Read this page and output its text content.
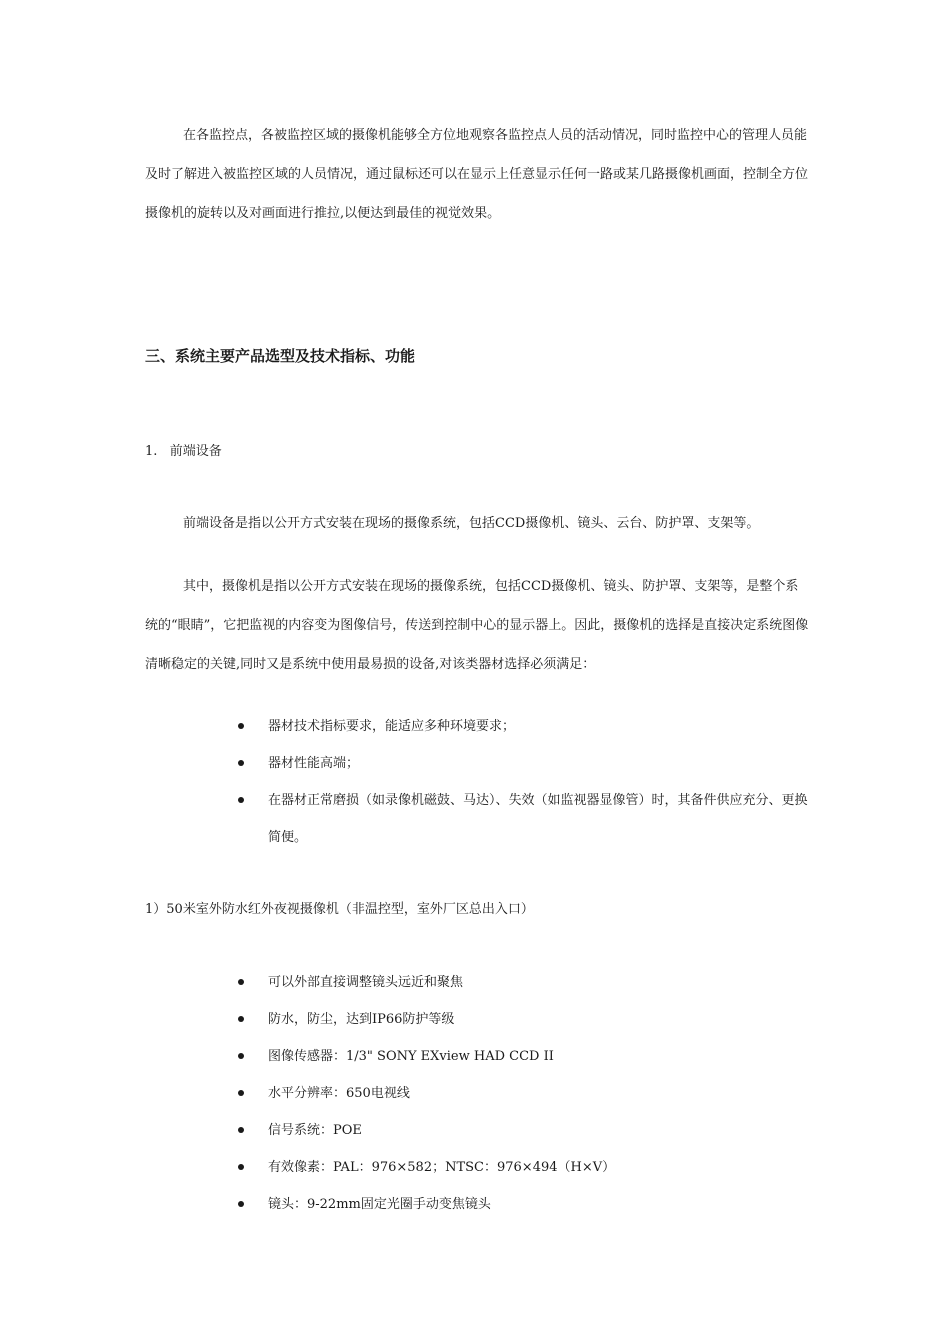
在各监控点，各被监控区域的摄像机能够全方位地观察各监控点人员的活动情况，同时监控中心的管理人员能及时了解进入被监控区域的人员情况，通过鼠标还可以在显示上任意显示任何一路或某几路摄像机画面，控制全方位摄像机的旋转以及对画面进行推拉,以便达到最佳的视觉效果。

三、系统主要产品选型及技术指标、功能
1.   前端设备

前端设备是指以公开方式安装在现场的摄像系统，包括CCD摄像机、镜头、云台、防护罩、支架等。

其中，摄像机是指以公开方式安装在现场的摄像系统，包括CCD摄像机、镜头、防护罩、支架等，是整个系统的“眼睛”，它把监视的内容变为图像信号，传送到控制中心的显示器上。因此，摄像机的选择是直接决定系统图像清晰稳定的关键,同时又是系统中使用最易损的设备,对该类器材选择必须满足：

器材技术指标要求，能适应多种环境要求；
器材性能高端；
在器材正常磨损（如录像机磁鼓、马达）、失效（如监视器显像管）时，其备件供应充分、更换简便。
1）50米室外防水红外夜视摄像机（非温控型，室外厂区总出入口）
可以外部直接调整镜头远近和聚焦
防水，防尘，达到IP66防护等级
图像传感器：1/3" SONY EXview HAD CCD II
水平分辨率：650电视线
信号系统：POE
有效像素：PAL：976×582；NTSC：976×494（H×V）
镜头：9-22mm固定光圈手动变焦镜头
